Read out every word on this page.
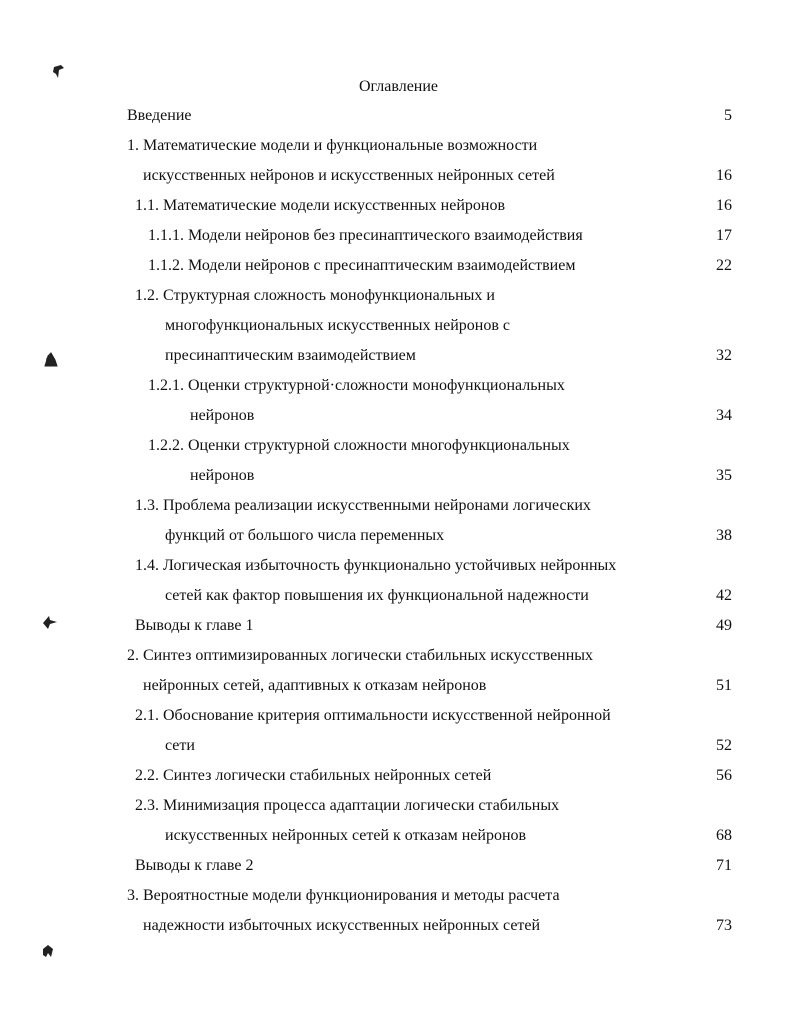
Оглавление
Введение	5
1. Математические модели и функциональные возможности
искусственных нейронов и искусственных нейронных сетей	16
1.1. Математические модели искусственных нейронов	16
1.1.1. Модели нейронов без пресинаптического взаимодействия	17
1.1.2. Модели нейронов с пресинаптическим взаимодействием	22
1.2. Структурная сложность монофункциональных и
многофункциональных искусственных нейронов с
пресинаптическим взаимодействием	32
1.2.1. Оценки структурной·сложности монофункциональных
нейронов	34
1.2.2. Оценки структурной сложности многофункциональных
нейронов	35
1.3. Проблема реализации искусственными нейронами логических
функций от большого числа переменных	38
1.4. Логическая избыточность функционально устойчивых нейронных
сетей как фактор повышения их функциональной надежности	42
Выводы к главе 1	49
2. Синтез оптимизированных логически стабильных искусственных
нейронных сетей, адаптивных к отказам нейронов	51
2.1. Обоснование критерия оптимальности искусственной нейронной
сети	52
2.2. Синтез логически стабильных нейронных сетей	56
2.3. Минимизация процесса адаптации логически стабильных
искусственных нейронных сетей к отказам нейронов	68
Выводы к главе 2	71
3. Вероятностные модели функционирования и методы расчета
надежности избыточных искусственных нейронных сетей	73
